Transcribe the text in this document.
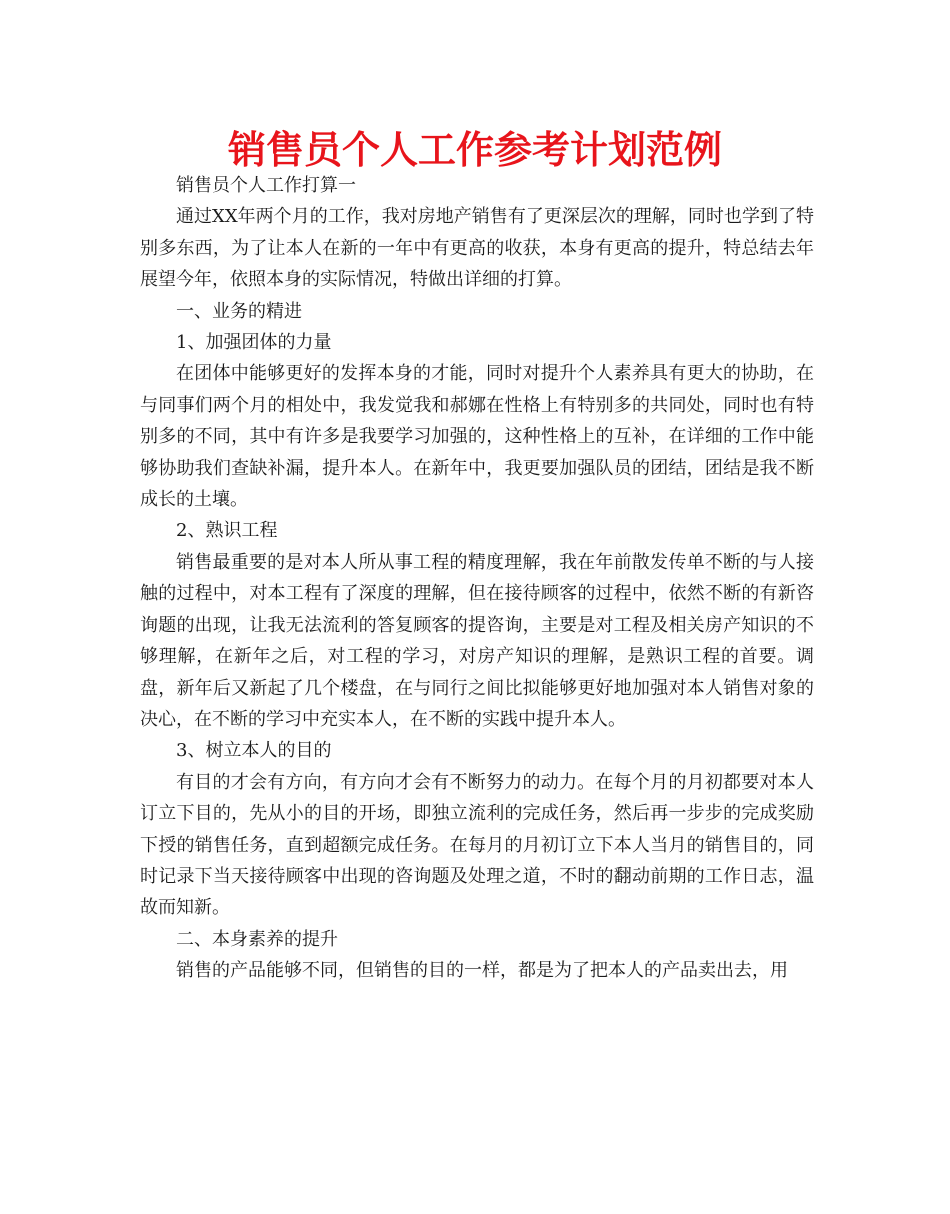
销售员个人工作参考计划范例

销售员个人工作打算一

通过XX年两个月的工作，我对房地产销售有了更深层次的理解，同时也学到了特别多东西，为了让本人在新的一年中有更高的收获，本身有更高的提升，特总结去年展望今年，依照本身的实际情况，特做出详细的打算。

一、业务的精进

1、加强团体的力量

在团体中能够更好的发挥本身的才能，同时对提升个人素养具有更大的协助，在与同事们两个月的相处中，我发觉我和郝娜在性格上有特别多的共同处，同时也有特别多的不同，其中有许多是我要学习加强的，这种性格上的互补，在详细的工作中能够协助我们查缺补漏，提升本人。在新年中，我更要加强队员的团结，团结是我不断成长的土壤。

2、熟识工程

销售最重要的是对本人所从事工程的精度理解，我在年前散发传单不断的与人接触的过程中，对本工程有了深度的理解，但在接待顾客的过程中，依然不断的有新咨询题的出现，让我无法流利的答复顾客的提咨询，主要是对工程及相关房产知识的不够理解，在新年之后，对工程的学习，对房产知识的理解，是熟识工程的首要。调盘，新年后又新起了几个楼盘，在与同行之间比拟能够更好地加强对本人销售对象的决心，在不断的学习中充实本人，在不断的实践中提升本人。

3、树立本人的目的

有目的才会有方向，有方向才会有不断努力的动力。在每个月的月初都要对本人订立下目的，先从小的目的开场，即独立流利的完成任务，然后再一步步的完成奖励下授的销售任务，直到超额完成任务。在每月的月初订立下本人当月的销售目的，同时记录下当天接待顾客中出现的咨询题及处理之道，不时的翻动前期的工作日志，温故而知新。

二、本身素养的提升

销售的产品能够不同，但销售的目的一样，都是为了把本人的产品卖出去，用
